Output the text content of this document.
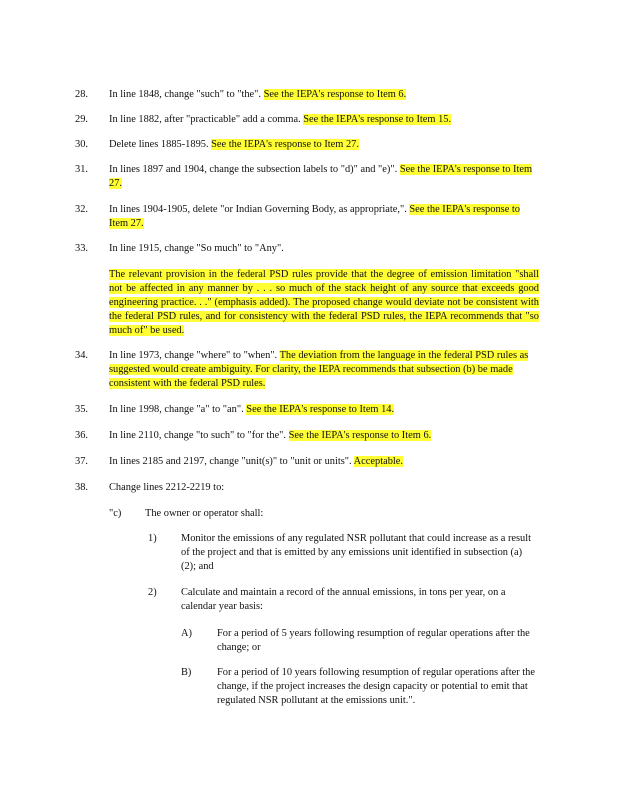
28. In line 1848, change "such" to "the". See the IEPA's response to Item 6.
29. In line 1882, after "practicable" add a comma. See the IEPA's response to Item 15.
30. Delete lines 1885-1895. See the IEPA's response to Item 27.
31. In lines 1897 and 1904, change the subsection labels to "d)" and "e)". See the IEPA's response to Item 27.
32. In lines 1904-1905, delete "or Indian Governing Body, as appropriate,". See the IEPA's response to Item 27.
33. In line 1915, change "So much" to "Any".
The relevant provision in the federal PSD rules provide that the degree of emission limitation "shall not be affected in any manner by . . . so much of the stack height of any source that exceeds good engineering practice. . ." (emphasis added). The proposed change would deviate not be consistent with the federal PSD rules, and for consistency with the federal PSD rules, the IEPA recommends that "so much of" be used.
34. In line 1973, change "where" to "when". The deviation from the language in the federal PSD rules as suggested would create ambiguity. For clarity, the IEPA recommends that subsection (b) be made consistent with the federal PSD rules.
35. In line 1998, change "a" to "an". See the IEPA's response to Item 14.
36. In line 2110, change "to such" to "for the". See the IEPA's response to Item 6.
37. In lines 2185 and 2197, change "unit(s)" to "unit or units". Acceptable.
38. Change lines 2212-2219 to:
"c) The owner or operator shall:
1) Monitor the emissions of any regulated NSR pollutant that could increase as a result of the project and that is emitted by any emissions unit identified in subsection (a)(2); and
2) Calculate and maintain a record of the annual emissions, in tons per year, on a calendar year basis:
A) For a period of 5 years following resumption of regular operations after the change; or
B) For a period of 10 years following resumption of regular operations after the change, if the project increases the design capacity or potential to emit that regulated NSR pollutant at the emissions unit.".
